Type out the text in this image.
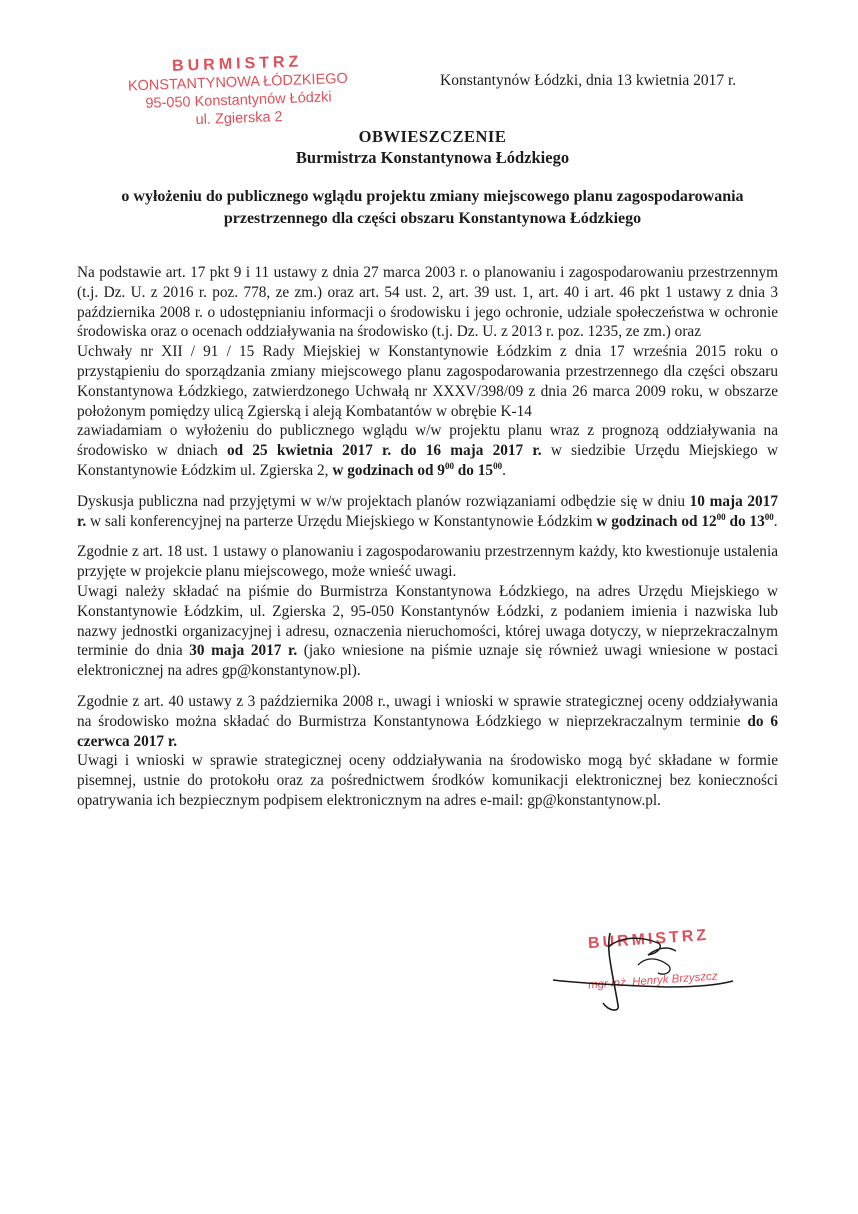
BURMISTRZ
KONSTANTYNOWA ŁÓDZKIEGO
95-050 Konstantynów Łódzki
ul. Zgierska 2
Konstantynów Łódzki, dnia 13 kwietnia 2017 r.
OBWIESZCZENIE
Burmistrza Konstantynowa Łódzkiego
o wyłożeniu do publicznego wglądu projektu zmiany miejscowego planu zagospodarowania przestrzennego dla części obszaru Konstantynowa Łódzkiego

Na podstawie art. 17 pkt 9 i 11 ustawy z dnia 27 marca 2003 r. o planowaniu i zagospodarowaniu przestrzennym (t.j. Dz. U. z 2016 r. poz. 778, ze zm.) oraz art. 54 ust. 2, art. 39 ust. 1, art. 40 i art. 46 pkt 1 ustawy z dnia 3 października 2008 r. o udostępnianiu informacji o środowisku i jego ochronie, udziale społeczeństwa w ochronie środowiska oraz o ocenach oddziaływania na środowisko (t.j. Dz. U. z 2013 r. poz. 1235, ze zm.) oraz

Uchwały nr XII / 91 / 15 Rady Miejskiej w Konstantynowie Łódzkim z dnia 17 września 2015 roku o przystąpieniu do sporządzania zmiany miejscowego planu zagospodarowania przestrzennego dla części obszaru Konstantynowa Łódzkiego, zatwierdzonego Uchwałą nr XXXV/398/09 z dnia 26 marca 2009 roku, w obszarze położonym pomiędzy ulicą Zgierską i aleją Kombatantów w obrębie K-14

zawiadamiam o wyłożeniu do publicznego wglądu w/w projektu planu wraz z prognozą oddziaływania na środowisko w dniach od 25 kwietnia 2017 r. do 16 maja 2017 r. w siedzibie Urzędu Miejskiego w Konstantynowie Łódzkim ul. Zgierska 2, w godzinach od $9^{00}$ do $15^{00}$.

Dyskusja publiczna nad przyjętymi w w/w projektach planów rozwiązaniami odbędzie się w dniu 10 maja 2017 r. w sali konferencyjnej na parterze Urzędu Miejskiego w Konstantynowie Łódzkim w godzinach od $12^{00}$ do $13^{00}$.

Zgodnie z art. 18 ust. 1 ustawy o planowaniu i zagospodarowaniu przestrzennym każdy, kto kwestionuje ustalenia przyjęte w projekcie planu miejscowego, może wnieść uwagi.

Uwagi należy składać na piśmie do Burmistrza Konstantynowa Łódzkiego, na adres Urzędu Miejskiego w Konstantynowie Łódzkim, ul. Zgierska 2, 95-050 Konstantynów Łódzki, z podaniem imienia i nazwiska lub nazwy jednostki organizacyjnej i adresu, oznaczenia nieruchomości, której uwaga dotyczy, w nieprzekraczalnym terminie do dnia 30 maja 2017 r. (jako wniesione na piśmie uznaje się również uwagi wniesione w postaci elektronicznej na adres gp@konstantynow.pl).

Zgodnie z art. 40 ustawy z 3 października 2008 r., uwagi i wnioski w sprawie strategicznej oceny oddziaływania na środowisko można składać do Burmistrza Konstantynowa Łódzkiego w nieprzekraczalnym terminie do 6 czerwca 2017 r.

Uwagi i wnioski w sprawie strategicznej oceny oddziaływania na środowisko mogą być składane w formie pisemnej, ustnie do protokołu oraz za pośrednictwem środków komunikacji elektronicznej bez konieczności opatrywania ich bezpiecznym podpisem elektronicznym na adres e-mail: gp@konstantynow.pl.

BURMISTRZ
mgr inż. Henryk Brzyszcz
